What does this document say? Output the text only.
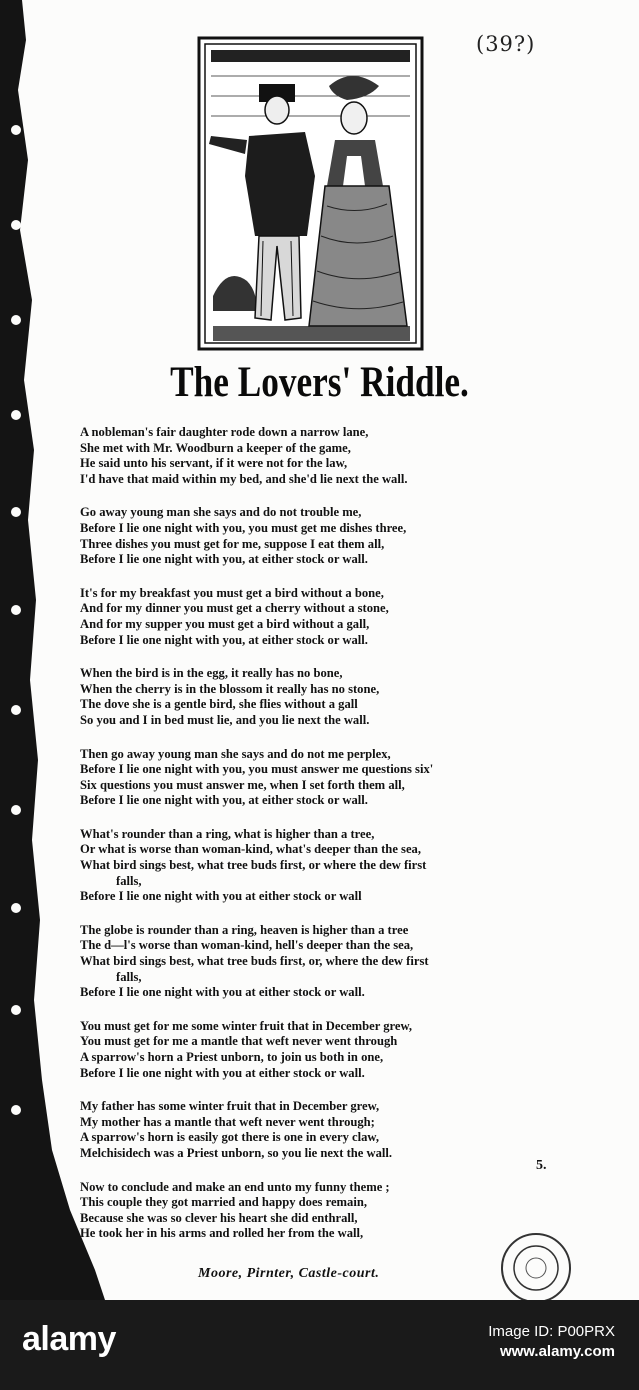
(39?)
The Lovers' Riddle.
A nobleman's fair daughter rode down a narrow lane,
She met with Mr. Woodburn a keeper of the game,
He said unto his servant, if it were not for the law,
I'd have that maid within my bed, and she'd lie next the wall.
Go away young man she says and do not trouble me,
Before I lie one night with you, you must get me dishes three,
Three dishes you must get for me, suppose I eat them all,
Before I lie one night with you, at either stock or wall.
It's for my breakfast you must get a bird without a bone,
And for my dinner you must get a cherry without a stone,
And for my supper you must get a bird without a gall,
Before I lie one night with you, at either stock or wall.
When the bird is in the egg, it really has no bone,
When the cherry is in the blossom it really has no stone,
The dove she is a gentle bird, she flies without a gall
So you and I in bed must lie, and you lie next the wall.
Then go away young man she says and do not me perplex,
Before I lie one night with you, you must answer me questions six'
Six questions you must answer me, when I set forth them all,
Before I lie one night with you, at either stock or wall.
What's rounder than a ring, what is higher than a tree,
Or what is worse than woman-kind, what's deeper than the sea,
What bird sings best, what tree buds first, or where the dew first
falls,
Before I lie one night with you at either stock or wall
The globe is rounder than a ring, heaven is higher than a tree
The d—l's worse than woman-kind, hell's deeper than the sea,
What bird sings best, what tree buds first, or, where the dew first
falls,
Before I lie one night with you at either stock or wall.
You must get for me some winter fruit that in December grew,
You must get for me a mantle that weft never went through
A sparrow's horn a Priest unborn, to join us both in one,
Before I lie one night with you at either stock or wall.
My father has some winter fruit that in December grew,
My mother has a mantle that weft never went through;
A sparrow's horn is easily got there is one in every claw,
Melchisidech was a Priest unborn, so you lie next the wall.
Now to conclude and make an end unto my funny theme ;
This couple they got married and happy does remain,
Because she was so clever his heart she did enthrall,
He took her in his arms and rolled her from the wall,
5.
Moore, Pirnter, Castle-court.
alamy	Image ID: P00PRX
www.alamy.com
